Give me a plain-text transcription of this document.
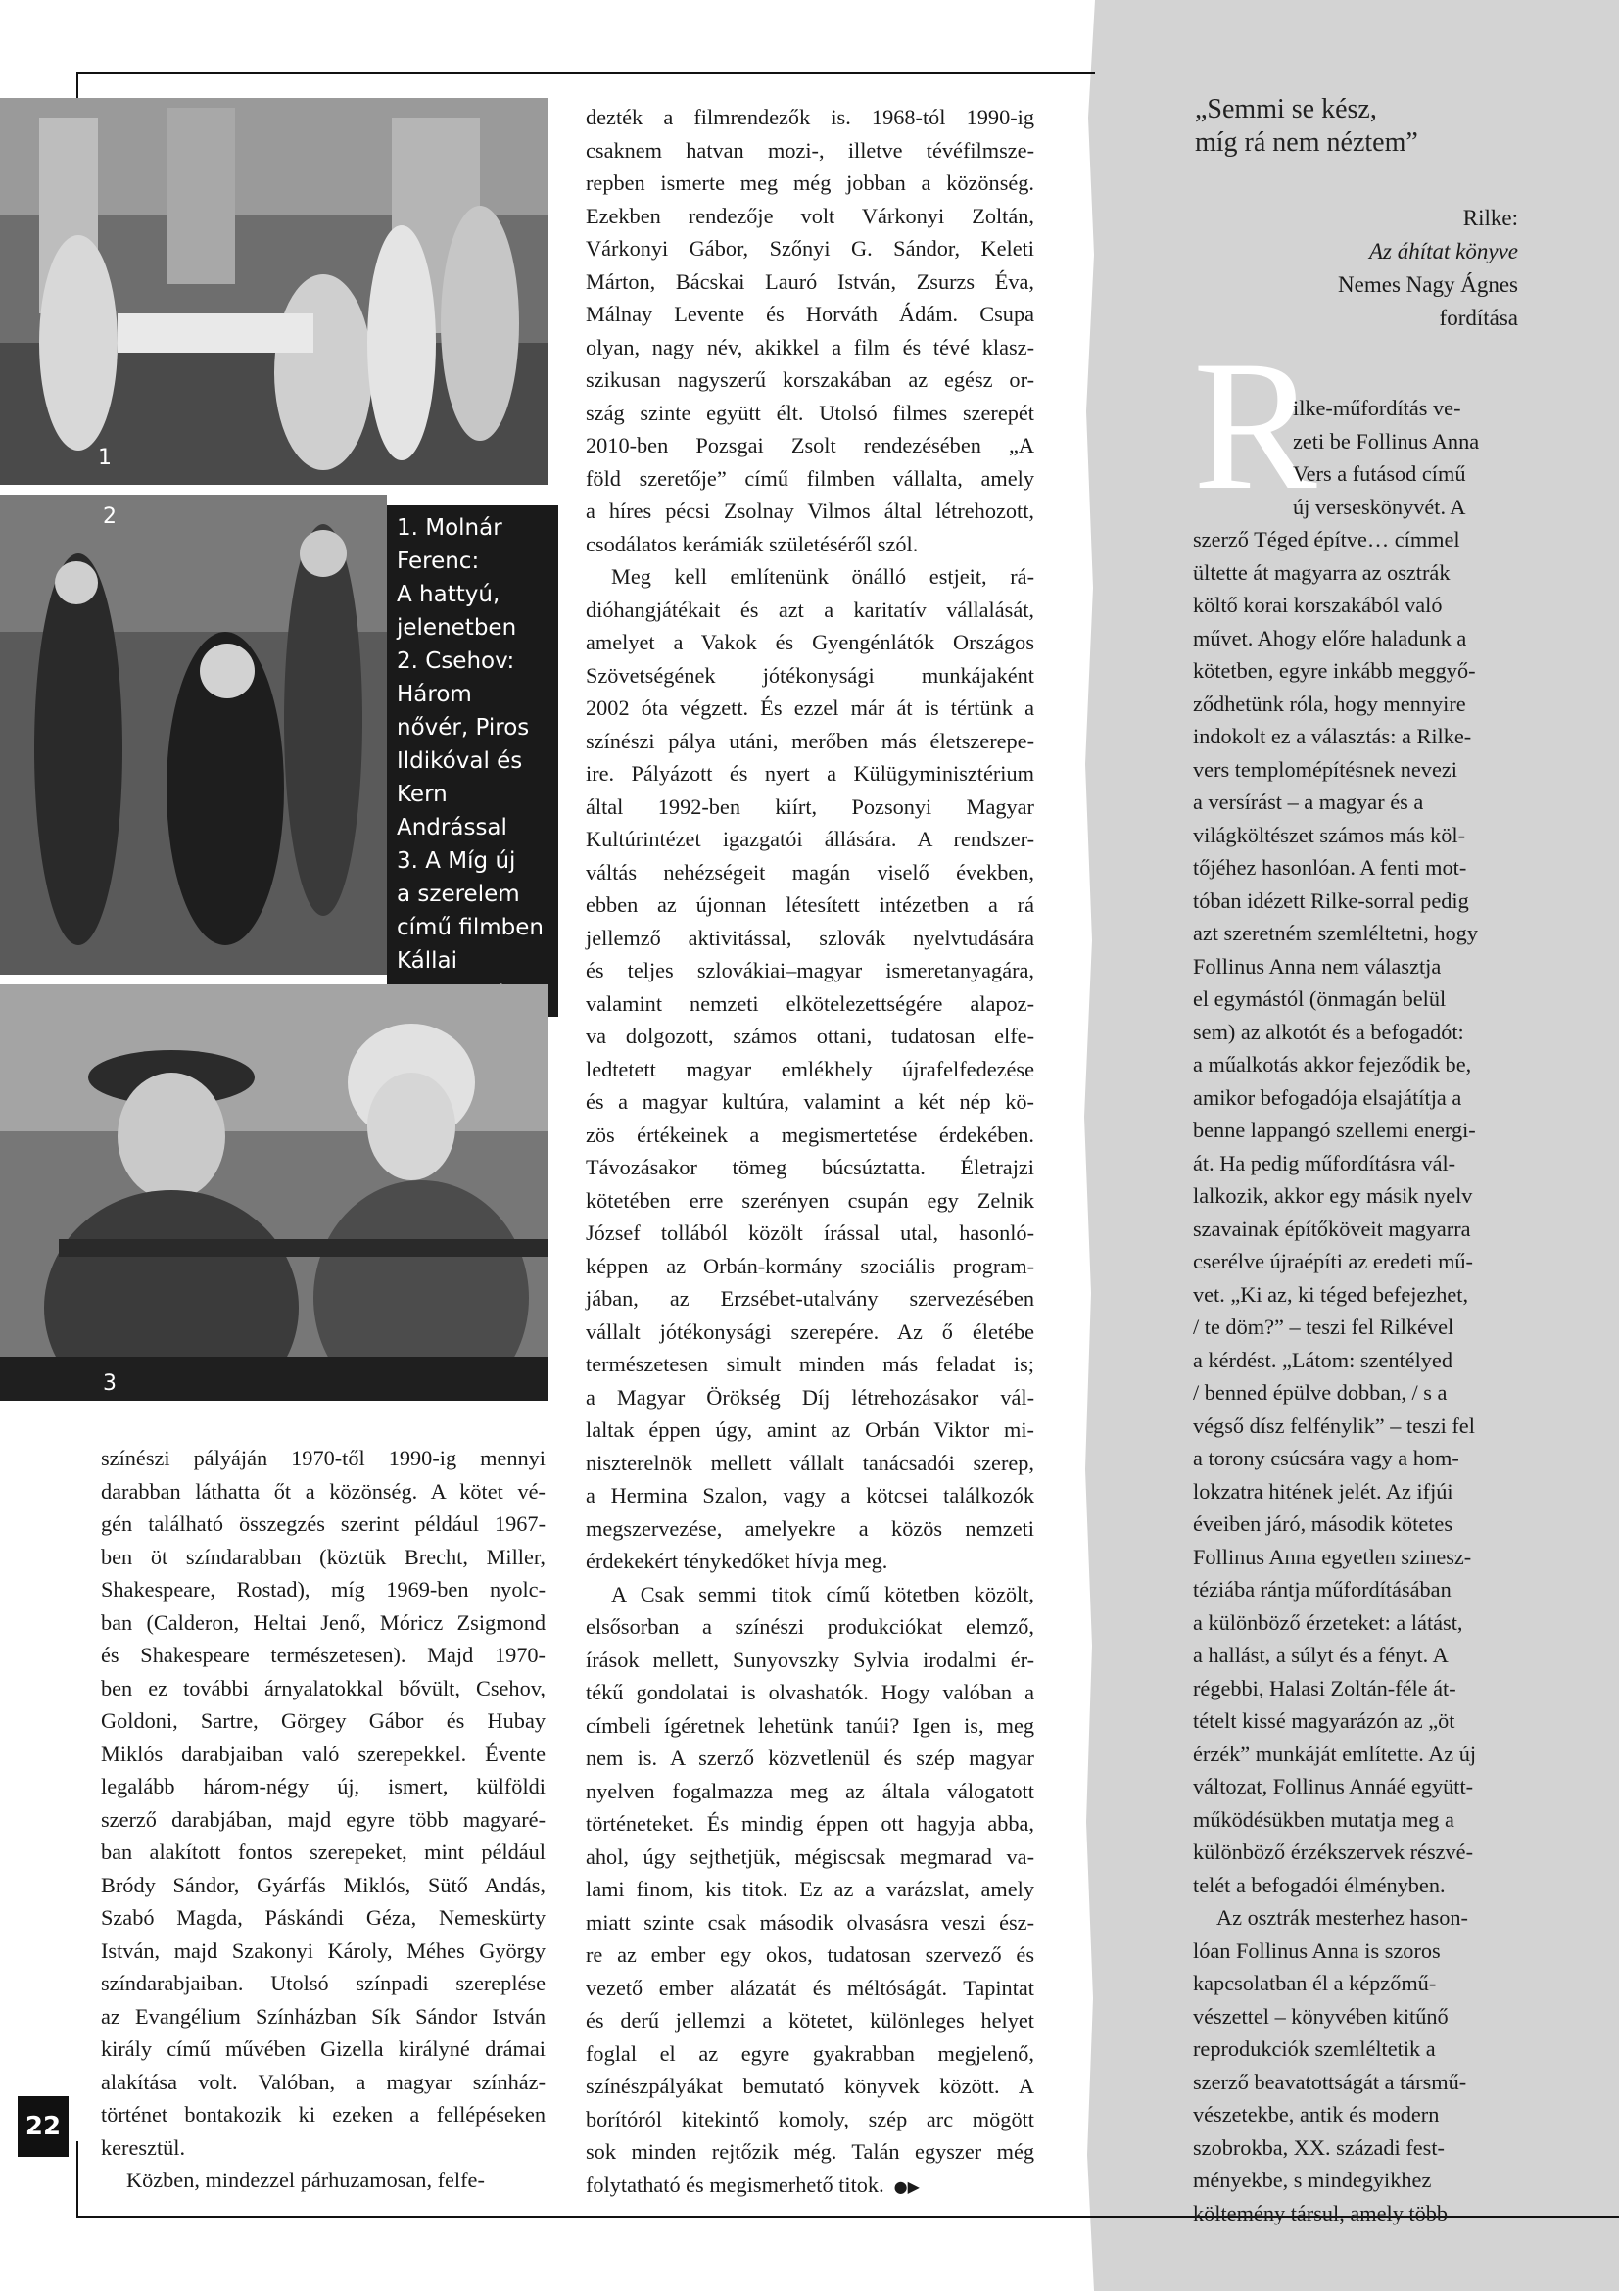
1
2	1. Molnár
Ferenc:
A hattyú,
jelenetben
2. Csehov:
Három
nővér, Piros
Ildikóval és
Kern
Andrással
3. A Míg új
a szerelem
című filmben
Kállai
3
22
színészi pályáján 1970-től 1990-ig mennyi
darabban láthatta őt a közönség. A kötet vé-
gén található összegzés szerint például 1967-
ben öt színdarabban (köztük Brecht, Miller,
Shakespeare, Rostad), míg 1969-ben nyolc-
ban (Calderon, Heltai Jenő, Móricz Zsigmond
és Shakespeare természetesen). Majd 1970-
ben ez további árnyalatokkal bővült, Csehov,
Goldoni, Sartre, Görgey Gábor és Hubay
Miklós darabjaiban való szerepekkel. Évente
legalább három-négy új, ismert, külföldi
szerző darabjában, majd egyre több magyaré-
ban alakított fontos szerepeket, mint például
Bródy Sándor, Gyárfás Miklós, Sütő Andás,
Szabó Magda, Páskándi Géza, Nemeskürty
István, majd Szakonyi Károly, Méhes György
színdarabjaiban. Utolsó színpadi szereplése
az Evangélium Színházban Sík Sándor István
király című művében Gizella királyné drámai
alakítása volt. Valóban, a magyar színház-
történet bontakozik ki ezeken a fellépéseken
keresztül.
Közben, mindezzel párhuzamosan, felfe-
dezték a filmrendezők is. 1968-tól 1990-ig
csaknem hatvan mozi-, illetve tévéfilmsze-
repben ismerte meg még jobban a közönség.
Ezekben rendezője volt Várkonyi Zoltán,
Várkonyi Gábor, Szőnyi G. Sándor, Keleti
Márton, Bácskai Lauró István, Zsurzs Éva,
Málnay Levente és Horváth Ádám. Csupa
olyan, nagy név, akikkel a film és tévé klasz-
szikusan nagyszerű korszakában az egész or-
szág szinte együtt élt. Utolsó filmes szerepét
2010-ben Pozsgai Zsolt rendezésében „A
föld szeretője” című filmben vállalta, amely
a híres pécsi Zsolnay Vilmos által létrehozott,
csodálatos kerámiák születéséről szól.
Meg kell említenünk önálló estjeit, rá-
dióhangjátékait és azt a karitatív vállalását,
amelyet a Vakok és Gyengénlátók Országos
Szövetségének jótékonysági munkájaként
2002 óta végzett. És ezzel már át is tértünk a
színészi pálya utáni, merőben más életszerepe-
ire. Pályázott és nyert a Külügyminisztérium
által 1992-ben kiírt, Pozsonyi Magyar
Kultúrintézet igazgatói állására. A rendszer-
váltás nehézségeit magán viselő években,
ebben az újonnan létesített intézetben a rá
jellemző aktivitással, szlovák nyelvtudására
és teljes szlovákiai–magyar ismeretanyagára,
valamint nemzeti elkötelezettségére alapoz-
va dolgozott, számos ottani, tudatosan elfe-
ledtetett magyar emlékhely újrafelfedezése
és a magyar kultúra, valamint a két nép kö-
zös értékeinek a megismertetése érdekében.
Távozásakor tömeg búcsúztatta. Életrajzi
kötetében erre szerényen csupán egy Zelnik
József tollából közölt írással utal, hasonló-
képpen az Orbán-kormány szociális program-
jában, az Erzsébet-utalvány szervezésében
vállalt jótékonysági szerepére. Az ő életébe
természetesen simult minden más feladat is;
a Magyar Örökség Díj létrehozásakor vál-
laltak éppen úgy, amint az Orbán Viktor mi-
niszterelnök mellett vállalt tanácsadói szerep,
a Hermina Szalon, vagy a kötcsei találkozók
megszervezése, amelyekre a közös nemzeti
érdekekért ténykedőket hívja meg.
A Csak semmi titok című kötetben közölt,
elsősorban a színészi produkciókat elemző,
írások mellett, Sunyovszky Sylvia irodalmi ér-
tékű gondolatai is olvashatók. Hogy valóban a
címbeli ígéretnek lehetünk tanúi? Igen is, meg
nem is. A szerző közvetlenül és szép magyar
nyelven fogalmazza meg az általa válogatott
történeteket. És mindig éppen ott hagyja abba,
ahol, úgy sejthetjük, mégiscsak megmarad va-
lami finom, kis titok. Ez az a varázslat, amely
miatt szinte csak második olvasásra veszi ész-
re az ember egy okos, tudatosan szervező és
vezető ember alázatát és méltóságát. Tapintat
és derű jellemzi a kötetet, különleges helyet
foglal el az egyre gyakrabban megjelenő,
színészpályákat bemutató könyvek között. A
borítóról kitekintő komoly, szép arc mögött
sok minden rejtőzik még. Talán egyszer még
folytatható és megismerhető titok. ●▶
„Semmi se kész,
míg rá nem néztem”
Rilke:
Az áhítat könyve
Nemes Nagy Ágnes
fordítása
R
ilke-műfordítás ve-
zeti be Follinus Anna
Vers a futásod című
új verseskönyvét. A
szerző Téged építve… címmel
ültette át magyarra az osztrák
költő korai korszakából való
művet. Ahogy előre haladunk a
kötetben, egyre inkább meggyő-
ződhetünk róla, hogy mennyire
indokolt ez a választás: a Rilke-
vers templomépítésnek nevezi
a versírást – a magyar és a
világköltészet számos más köl-
tőjéhez hasonlóan. A fenti mot-
tóban idézett Rilke-sorral pedig
azt szeretném szemléltetni, hogy
Follinus Anna nem választja
el egymástól (önmagán belül
sem) az alkotót és a befogadót:
a műalkotás akkor fejeződik be,
amikor befogadója elsajátítja a
benne lappangó szellemi energi-
át. Ha pedig műfordításra vál-
lalkozik, akkor egy másik nyelv
szavainak építőköveit magyarra
cserélve újraépíti az eredeti mű-
vet. „Ki az, ki téged befejezhet,
/ te döm?” – teszi fel Rilkével
a kérdést. „Látom: szentélyed
/ benned épülve dobban, / s a
végső dísz felfénylik” – teszi fel
a torony csúcsára vagy a hom-
lokzatra hitének jelét. Az ifjúi
éveiben járó, második kötetes
Follinus Anna egyetlen szinesz-
téziába rántja műfordításában
a különböző érzeteket: a látást,
a hallást, a súlyt és a fényt. A
régebbi, Halasi Zoltán-féle át-
tételt kissé magyarázón az „öt
érzék” munkáját említette. Az új
változat, Follinus Annáé együtt-
működésükben mutatja meg a
különböző érzékszervek részvé-
telét a befogadói élményben.
Az osztrák mesterhez hason-
lóan Follinus Anna is szoros
kapcsolatban él a képzőmű-
vészettel – könyvében kitűnő
reprodukciók szemléltetik a
szerző beavatottságát a társmű-
vészetekbe, antik és modern
szobrokba, XX. századi fest-
ményekbe, s mindegyikhez
költemény társul, amely több
